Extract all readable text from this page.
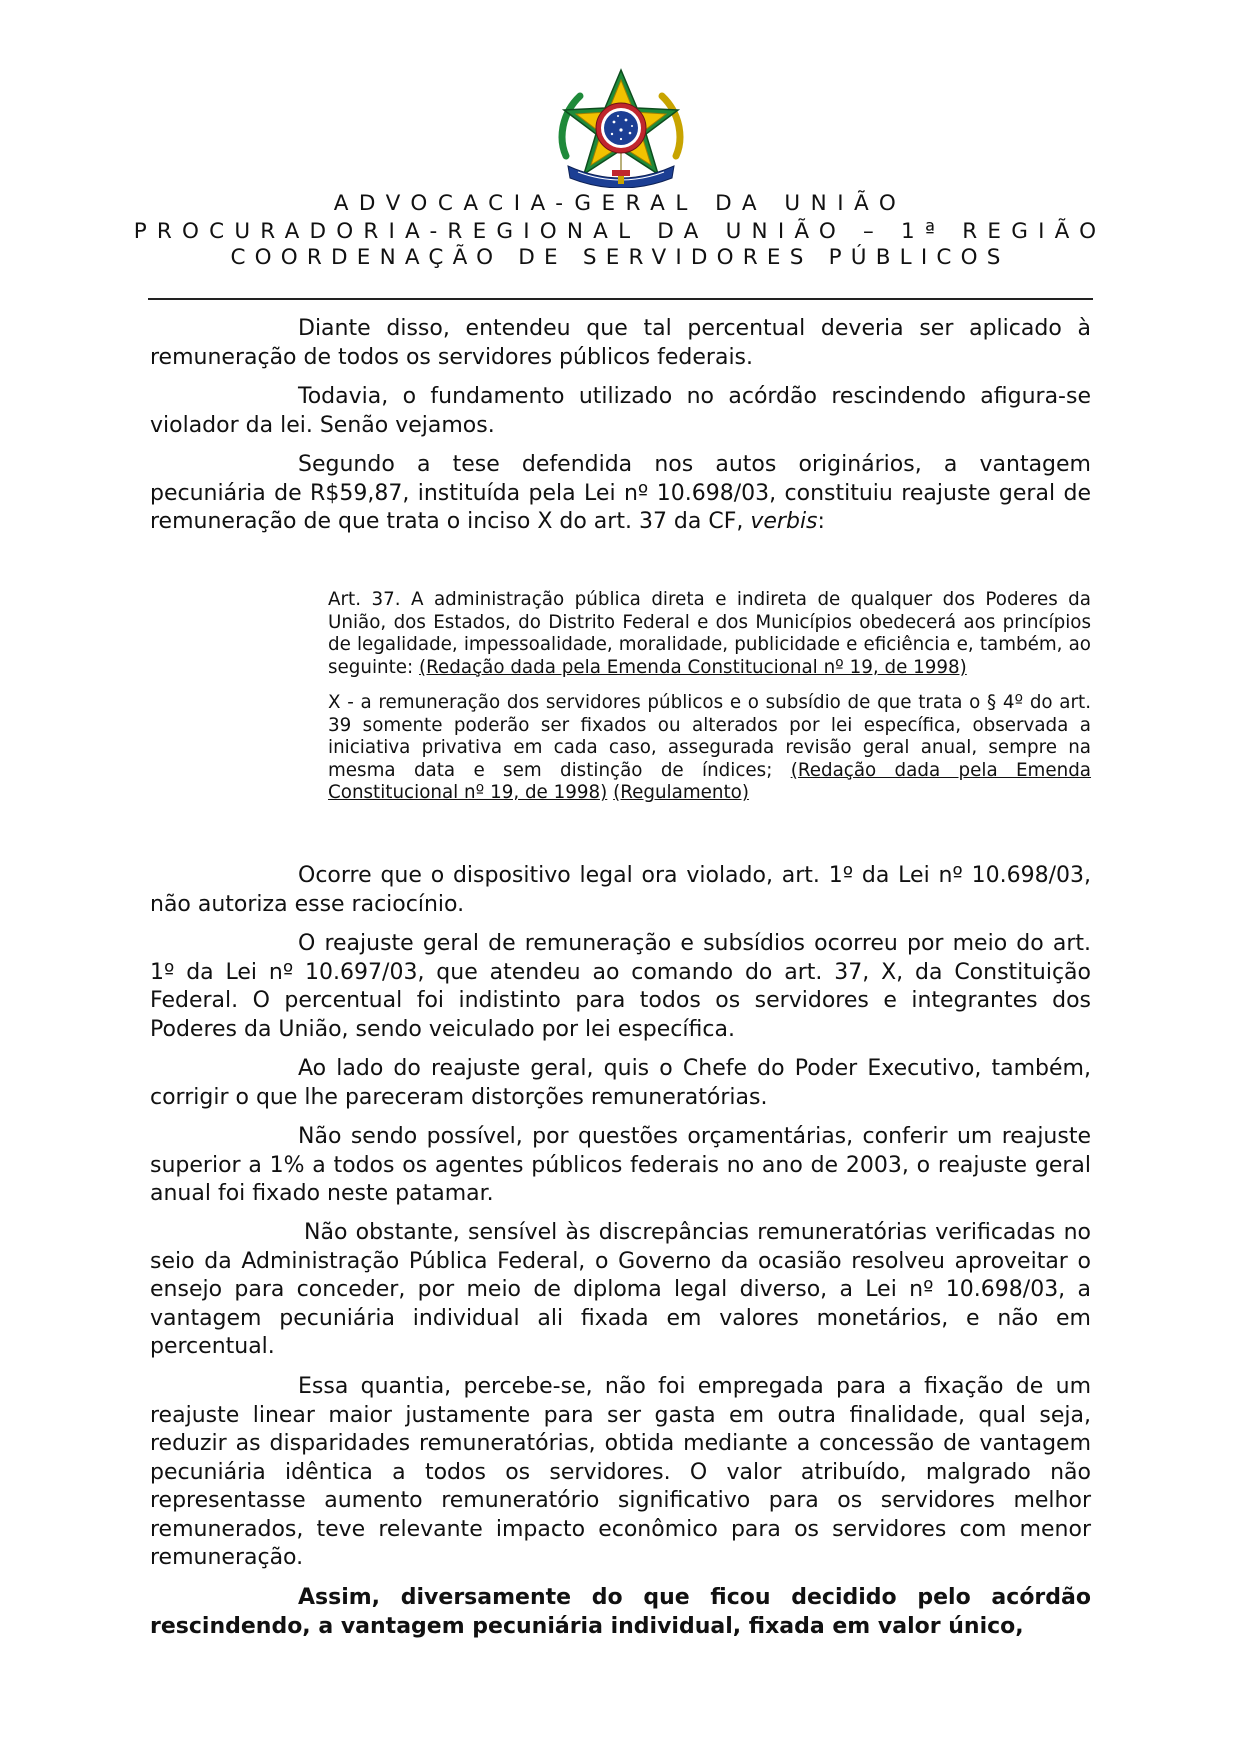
ADVOCACIA-GERAL DA UNIÃO
PROCURADORIA-REGIONAL DA UNIÃO – 1ª REGIÃO
COORDENAÇÃO DE SERVIDORES PÚBLICOS

Diante disso, entendeu que tal percentual deveria ser aplicado à remuneração de todos os servidores públicos federais.

Todavia, o fundamento utilizado no acórdão rescindendo afigura-se violador da lei. Senão vejamos.

Segundo a tese defendida nos autos originários, a vantagem pecuniária de R$59,87, instituída pela Lei nº 10.698/03, constituiu reajuste geral de remuneração de que trata o inciso X do art. 37 da CF, verbis:

Art. 37. A administração pública direta e indireta de qualquer dos Poderes da União, dos Estados, do Distrito Federal e dos Municípios obedecerá aos princípios de legalidade, impessoalidade, moralidade, publicidade e eficiência e, também, ao seguinte: (Redação dada pela Emenda Constitucional nº 19, de 1998)

X - a remuneração dos servidores públicos e o subsídio de que trata o § 4º do art. 39 somente poderão ser fixados ou alterados por lei específica, observada a iniciativa privativa em cada caso, assegurada revisão geral anual, sempre na mesma data e sem distinção de índices; (Redação dada pela Emenda Constitucional nº 19, de 1998) (Regulamento)

Ocorre que o dispositivo legal ora violado, art. 1º da Lei nº 10.698/03, não autoriza esse raciocínio.

O reajuste geral de remuneração e subsídios ocorreu por meio do art. 1º da Lei nº 10.697/03, que atendeu ao comando do art. 37, X, da Constituição Federal. O percentual foi indistinto para todos os servidores e integrantes dos Poderes da União, sendo veiculado por lei específica.

Ao lado do reajuste geral, quis o Chefe do Poder Executivo, também, corrigir o que lhe pareceram distorções remuneratórias.

Não sendo possível, por questões orçamentárias, conferir um reajuste superior a 1% a todos os agentes públicos federais no ano de 2003, o reajuste geral anual foi fixado neste patamar.

Não obstante, sensível às discrepâncias remuneratórias verificadas no seio da Administração Pública Federal, o Governo da ocasião resolveu aproveitar o ensejo para conceder, por meio de diploma legal diverso, a Lei nº 10.698/03, a vantagem pecuniária individual ali fixada em valores monetários, e não em percentual.

Essa quantia, percebe-se, não foi empregada para a fixação de um reajuste linear maior justamente para ser gasta em outra finalidade, qual seja, reduzir as disparidades remuneratórias, obtida mediante a concessão de vantagem pecuniária idêntica a todos os servidores. O valor atribuído, malgrado não representasse aumento remuneratório significativo para os servidores melhor remunerados, teve relevante impacto econômico para os servidores com menor remuneração.

Assim, diversamente do que ficou decidido pelo acórdão rescindendo, a vantagem pecuniária individual, fixada em valor único,
